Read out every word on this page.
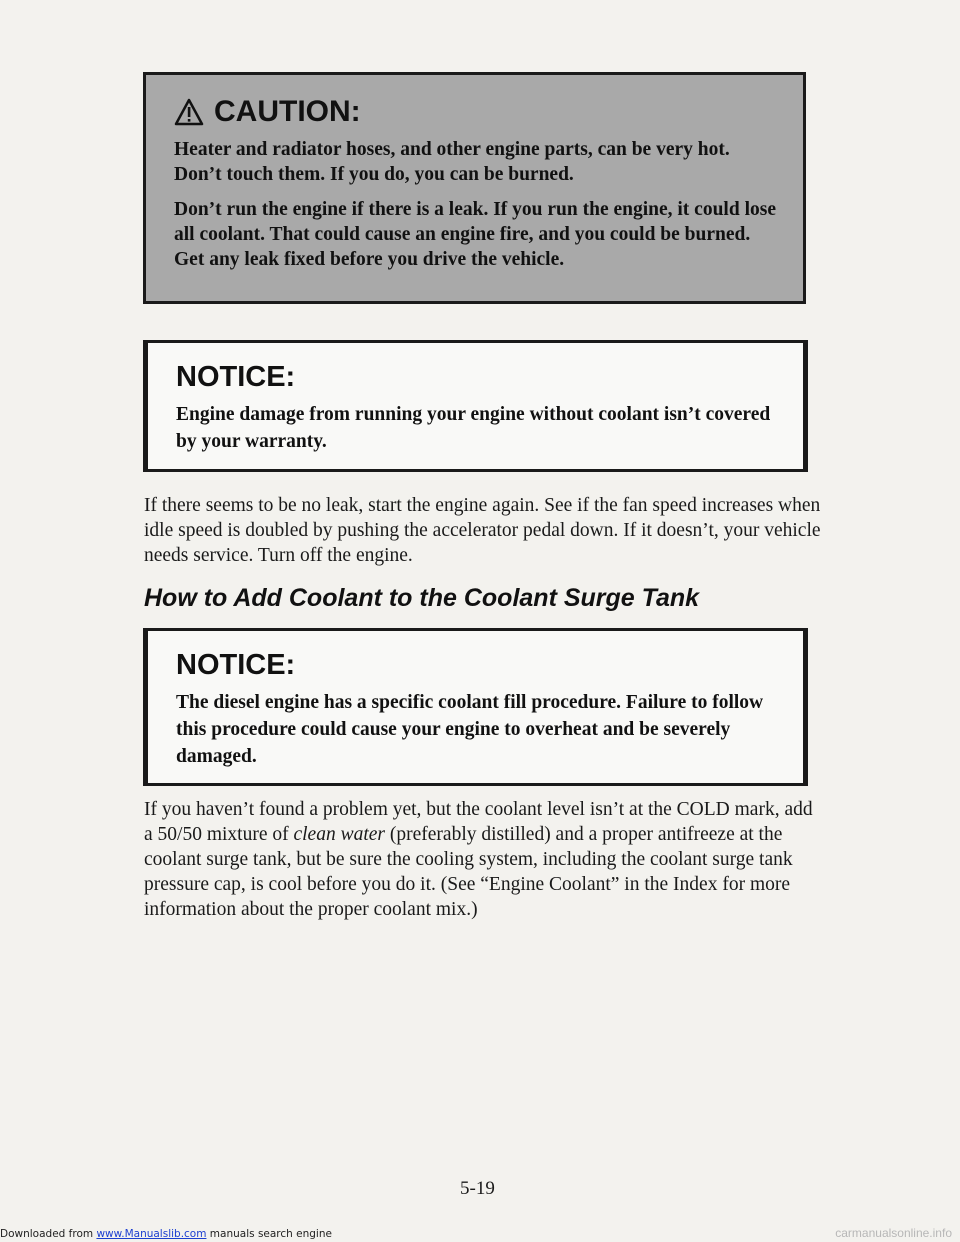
CAUTION:

Heater and radiator hoses, and other engine parts, can be very hot. Don’t touch them. If you do, you can be burned.

Don’t run the engine if there is a leak. If you run the engine, it could lose all coolant. That could cause an engine fire, and you could be burned. Get any leak fixed before you drive the vehicle.

NOTICE:

Engine damage from running your engine without coolant isn’t covered by your warranty.

If there seems to be no leak, start the engine again. See if the fan speed increases when idle speed is doubled by pushing the accelerator pedal down. If it doesn’t, your vehicle needs service. Turn off the engine.

How to Add Coolant to the Coolant Surge Tank
NOTICE:

The diesel engine has a specific coolant fill procedure. Failure to follow this procedure could cause your engine to overheat and be severely damaged.

If you haven’t found a problem yet, but the coolant level isn’t at the COLD mark, add a 50/50 mixture of clean water (preferably distilled) and a proper antifreeze at the coolant surge tank, but be sure the cooling system, including the coolant surge tank pressure cap, is cool before you do it. (See “Engine Coolant” in the Index for more information about the proper coolant mix.)

5-19
Downloaded from www.Manualslib.com manuals search engine	carmanualsonline.info
